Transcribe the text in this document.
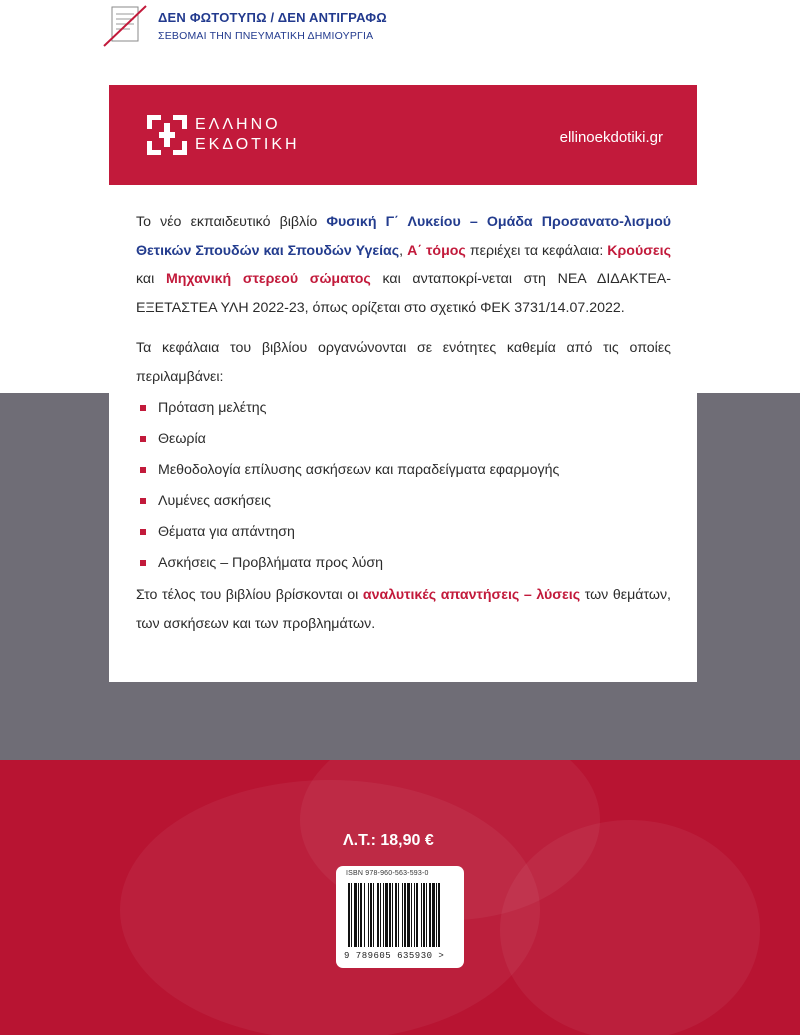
ΔΕΝ ΦΩΤΟΤΥΠΩ / ΔΕΝ ΑΝΤΙΓΡΑΦΩ
ΣΕΒΟΜΑΙ ΤΗΝ ΠΝΕΥΜΑΤΙΚΗ ΔΗΜΙΟΥΡΓΙΑ
ΕΛΛΗΝΟ
ΕΚΔΟΤΙΚΗ	ellinoekdotiki.gr

Το νέο εκπαιδευτικό βιβλίο Φυσική Γ΄ Λυκείου – Ομάδα Προσανατο-λισμού Θετικών Σπουδών και Σπουδών Υγείας, Α΄ τόμος περιέχει τα κεφάλαια: Κρούσεις και Μηχανική στερεού σώματος και ανταποκρί-νεται στη ΝΕΑ ΔΙΔΑΚΤΕΑ-ΕΞΕΤΑΣΤΕΑ ΥΛΗ 2022-23, όπως ορίζεται στο σχετικό ΦΕΚ 3731/14.07.2022.

Τα κεφάλαια του βιβλίου οργανώνονται σε ενότητες καθεμία από τις οποίες περιλαμβάνει:

Πρόταση μελέτης
Θεωρία
Μεθοδολογία επίλυσης ασκήσεων και παραδείγματα εφαρμογής
Λυμένες ασκήσεις
Θέματα για απάντηση
Ασκήσεις – Προβλήματα προς λύση

Στο τέλος του βιβλίου βρίσκονται οι αναλυτικές απαντήσεις – λύσεις των θεμάτων, των ασκήσεων και των προβλημάτων.

Λ.Τ.: 18,90 €
ISBN 978-960-563-593-0
9 789605 635930 >
